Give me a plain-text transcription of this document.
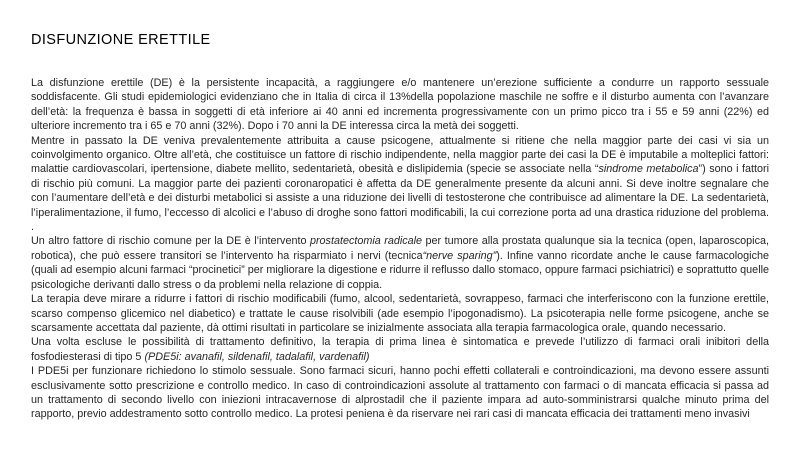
DISFUNZIONE ERETTILE

La disfunzione erettile (DE) è la persistente incapacità, a raggiungere e/o mantenere un’erezione sufficiente a condurre un rapporto sessuale soddisfacente. Gli studi epidemiologici evidenziano che in Italia di circa il 13%della popolazione maschile ne soffre e il disturbo aumenta con l’avanzare dell’età: la frequenza è bassa in soggetti di età inferiore ai 40 anni ed incrementa progressivamente con un primo picco tra i 55 e 59 anni (22%) ed ulteriore incremento tra i 65 e 70 anni (32%). Dopo i 70 anni la DE interessa circa la metà dei soggetti.

Mentre in passato la DE veniva prevalentemente attribuita a cause psicogene, attualmente si ritiene che nella maggior parte dei casi vi sia un coinvolgimento organico. Oltre all’età, che costituisce un fattore di rischio indipendente, nella maggior parte dei casi la DE è imputabile a molteplici fattori: malattie cardiovascolari, ipertensione, diabete mellito, sedentarietà, obesità e dislipidemia (specie se associate nella “sindrome metabolica”) sono i fattori di rischio più comuni. La maggior parte dei pazienti coronaropatici è affetta da DE generalmente presente da alcuni anni. Si deve inoltre segnalare che con l’aumentare dell’età e dei disturbi metabolici si assiste a una riduzione dei livelli di testosterone che contribuisce ad alimentare la DE. La sedentarietà, l’iperalimentazione, il fumo, l’eccesso di alcolici e l’abuso di droghe sono fattori modificabili, la cui correzione porta ad una drastica riduzione del problema. .

Un altro fattore di rischio comune per la DE è l’intervento prostatectomia radicale per tumore alla prostata qualunque sia la tecnica (open, laparoscopica, robotica), che può essere transitori se l’intervento ha risparmiato i nervi (tecnica“nerve sparing”). Infine vanno ricordate anche le cause farmacologiche (quali ad esempio alcuni farmaci “procinetici” per migliorare la digestione e ridurre il reflusso dallo stomaco, oppure farmaci psichiatrici) e soprattutto quelle psicologiche derivanti dallo stress o da problemi nella relazione di coppia.

La terapia deve mirare a ridurre i fattori di rischio modificabili (fumo, alcool, sedentarietà, sovrappeso, farmaci che interferiscono con la funzione erettile, scarso compenso glicemico nel diabetico) e trattate le cause risolvibili (ade esempio l’ipogonadismo). La psicoterapia nelle forme psicogene, anche se scarsamente accettata dal paziente, dà ottimi risultati in particolare se inizialmente associata alla terapia farmacologica orale, quando necessario.

Una volta escluse le possibilità di trattamento definitivo, la terapia di prima linea è sintomatica e prevede l’utilizzo di farmaci orali inibitori della fosfodiesterasi di tipo 5 (PDE5i: avanafil, sildenafil, tadalafil, vardenafil)

I PDE5i per funzionare richiedono lo stimolo sessuale. Sono farmaci sicuri, hanno pochi effetti collaterali e controindicazioni, ma devono essere assunti esclusivamente sotto prescrizione e controllo medico. In caso di controindicazioni assolute al trattamento con farmaci o di mancata efficacia si passa ad un trattamento di secondo livello con iniezioni intracavernose di alprostadil che il paziente impara ad auto-somministrarsi qualche minuto prima del rapporto, previo addestramento sotto controllo medico. La protesi peniena è da riservare nei rari casi di mancata efficacia dei trattamenti meno invasivi
